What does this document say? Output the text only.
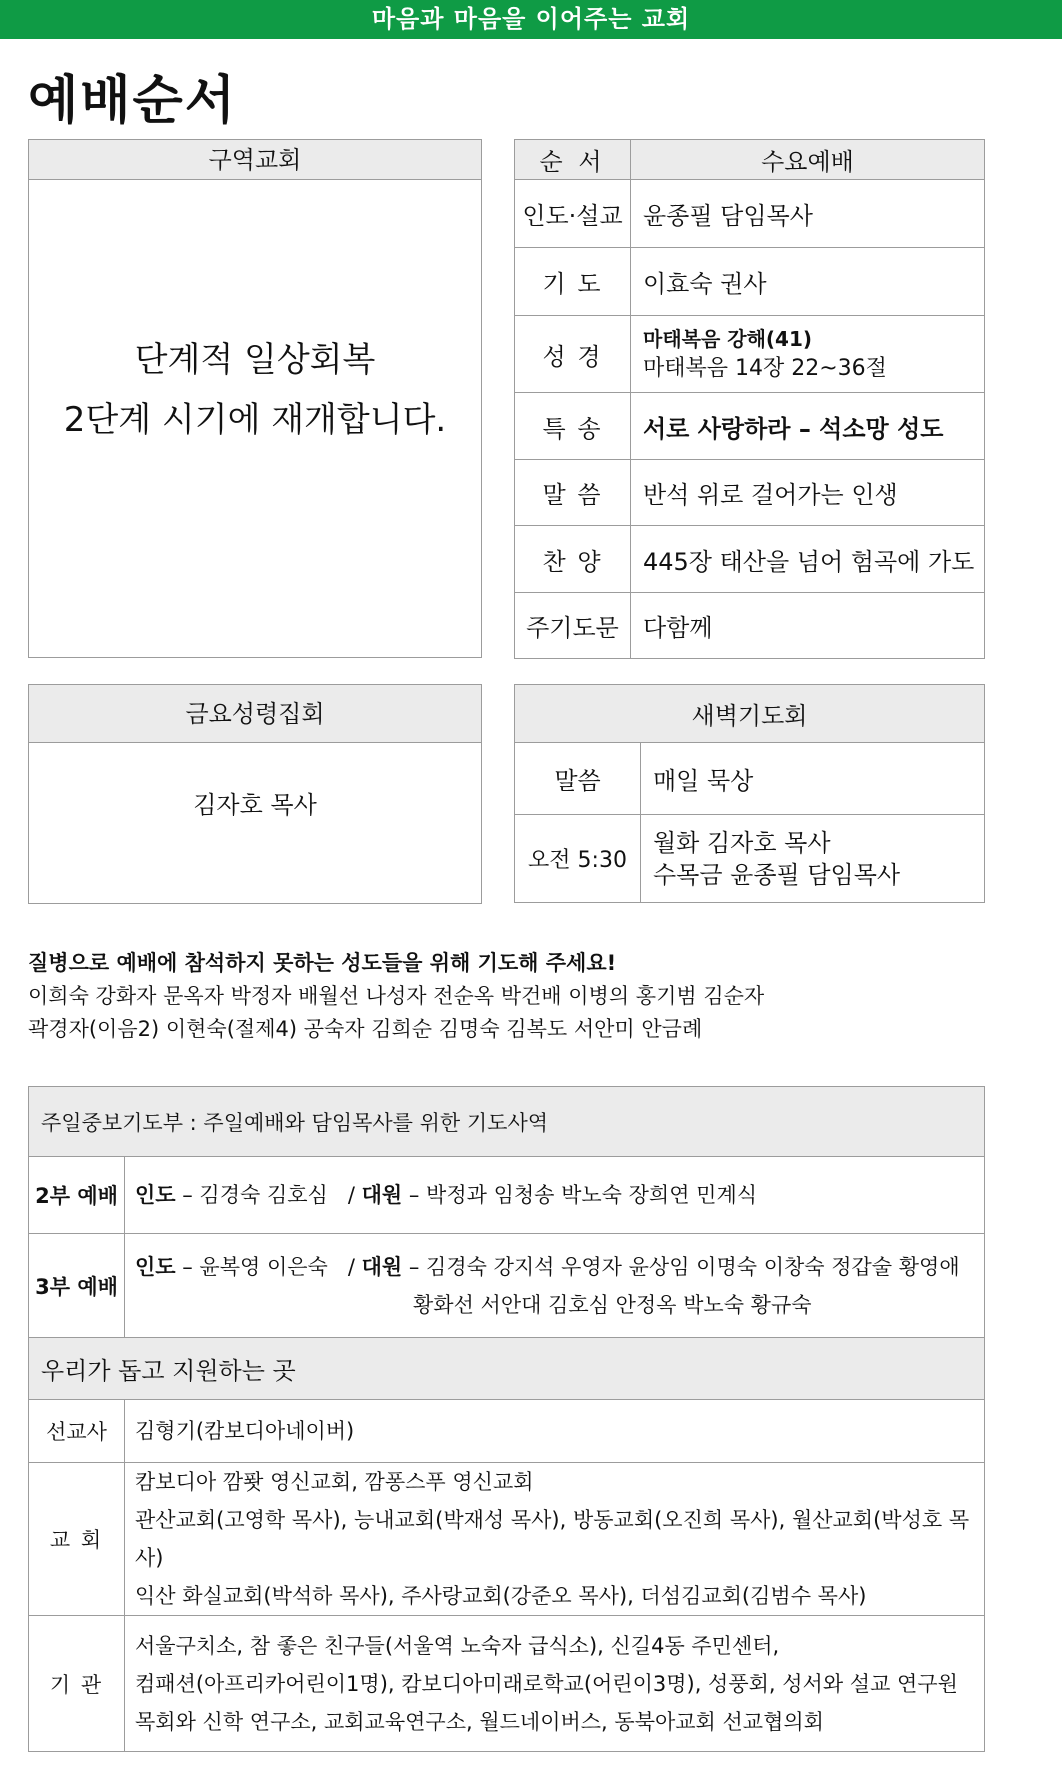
마음과 마음을 이어주는 교회
예배순서
구역교회
단계적 일상회복
2단계 시기에 재개합니다.
순 서	수요예배
인도·설교	윤종필 담임목사
기 도	이효숙 권사
성 경	마태복음 강해(41)
마태복음 14장 22~36절

특 송	서로 사랑하라 – 석소망 성도
말 씀	반석 위로 걸어가는 인생
찬 양	445장 태산을 넘어 험곡에 가도
주기도문	다함께
금요성령집회
김자호 목사
새벽기도회	
말씀	매일 묵상
오전 5:30	월화 김자호 목사
수목금 윤종필 담임목사
질병으로 예배에 참석하지 못하는 성도들을 위해 기도해 주세요!
이희숙 강화자 문옥자 박정자 배월선 나성자 전순옥 박건배 이병의 홍기범 김순자
곽경자(이음2) 이현숙(절제4) 공숙자 김희순 김명숙 김복도 서안미 안금례
주일중보기도부 : 주일예배와 담임목사를 위한 기도사역	
2부 예배	인도 – 김경숙 김호심   / 대원 – 박정과 임청송 박노숙 장희연 민계식
3부 예배	인도 – 윤복영 이은숙   / 대원 – 김경숙 강지석 우영자 윤상임 이명숙 이창숙 정갑술 황영애
황화선 서안대 김호심 안정옥 박노숙 황규숙

우리가 돕고 지원하는 곳	
선교사	김형기(캄보디아네이버)
교 회	캄보디아 깜퐛 영신교회, 깜퐁스푸 영신교회
관산교회(고영학 목사), 능내교회(박재성 목사), 방동교회(오진희 목사), 월산교회(박성호 목사)
익산 화실교회(박석하 목사), 주사랑교회(강준오 목사), 더섬김교회(김범수 목사)

기 관	서울구치소, 참 좋은 친구들(서울역 노숙자 급식소), 신길4동 주민센터,
컴패션(아프리카어린이1명), 캄보디아미래로학교(어린이3명), 성풍회, 성서와 설교 연구원
목회와 신학 연구소, 교회교육연구소, 월드네이버스, 동북아교회 선교협의회
